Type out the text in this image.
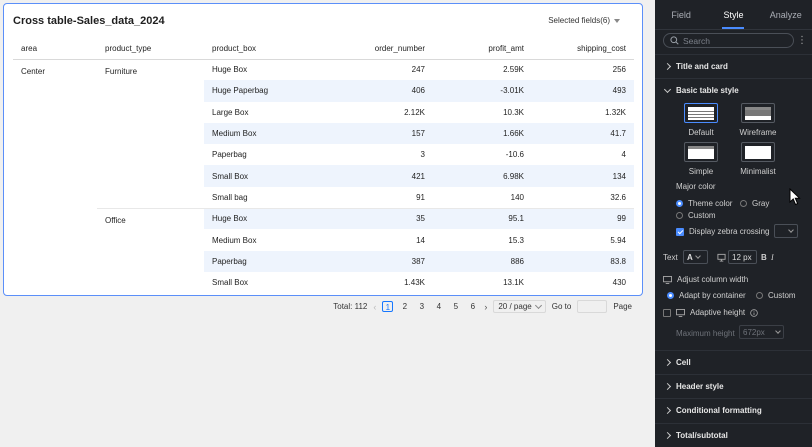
Cross table-Sales_data_2024	Selected fields(6)
area	product_type	product_box	order_number	profit_amt	shipping_cost
Center	Furniture	Huge Box	247	2.59K	256
		Huge Paperbag	406	-3.01K	493
		Large Box	2.12K	10.3K	1.32K
		Medium Box	157	1.66K	41.7
		Paperbag	3	-10.6	4
		Small Box	421	6.98K	134
		Small bag	91	140	32.6
	Office	Huge Box	35	95.1	99
		Medium Box	14	15.3	5.94
		Paperbag	387	886	83.8
		Small Box	1.43K	13.1K	430
Total: 112 ‹	1	2	3	4	5	6	› 20 / page	Go to	Page
Field	Style	Analyze
Search
⋮
Title and card
Basic table style
Default	Wireframe
Simple	Minimalist
Major color
Theme color Gray
Custom
Display zebra crossing
Text A	12 px	B I
Adjust column width
Adapt by container	Custom
Adaptive height
Maximum height 672px
Cell
Header style
Conditional formatting
Total/subtotal
